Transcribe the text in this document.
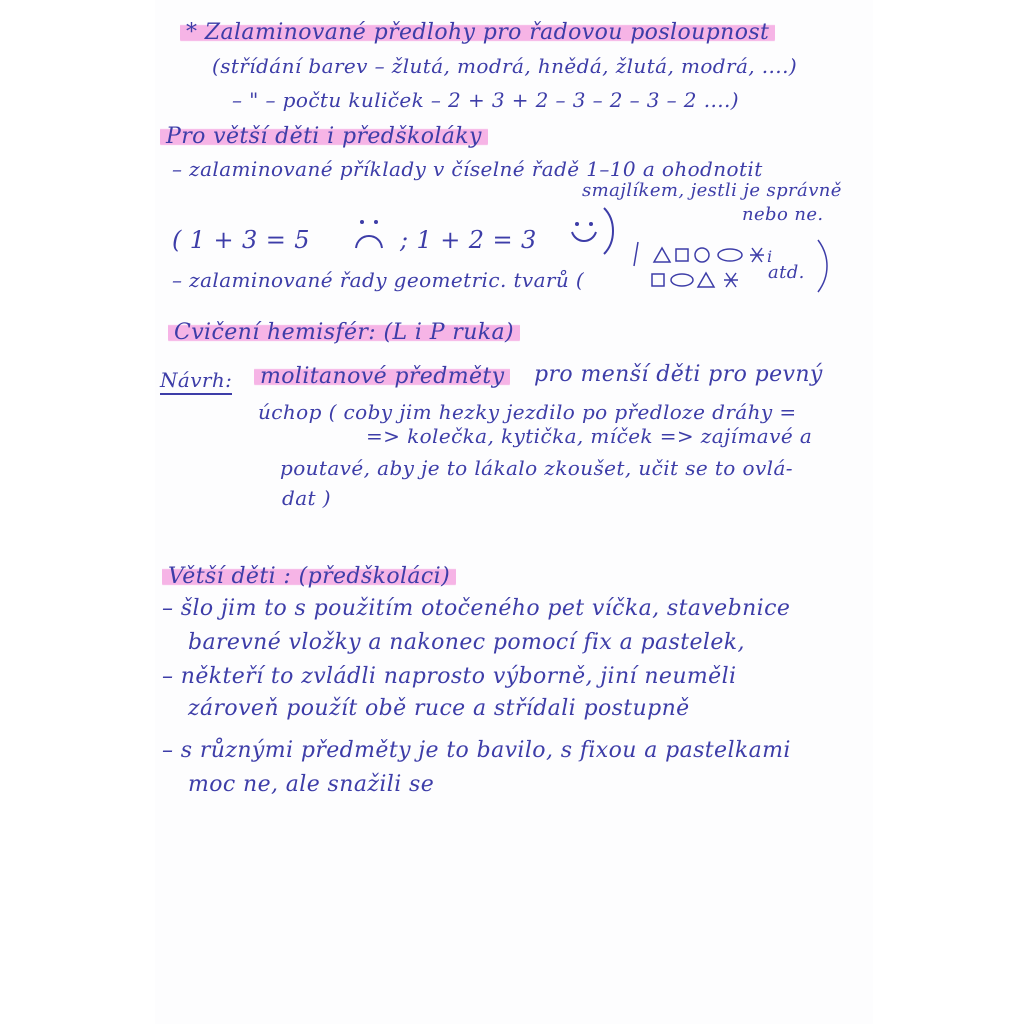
* Zalaminované předlohy pro řadovou posloupnost
(střídání barev – žlutá, modrá, hnědá, žlutá, modrá, ....)
– " – počtu kuliček – 2 + 3 + 2 – 3 – 2 – 3 – 2 ....)
Pro větší děti i předškoláky
– zalaminované příklady v číselné řadě 1–10 a ohodnotit
smajlíkem, jestli je správně
nebo ne.
( 1 + 3 = 5	; 1 + 2 = 3
– zalaminované řady geometric. tvarů (
i
atd.
Cvičení hemisfér: (L i P ruka)
Návrh: molitanové předměty pro menší děti pro pevný
úchop ( coby jim hezky jezdilo po předloze dráhy =
=> kolečka, kytička, míček => zajímavé a
poutavé, aby je to lákalo zkoušet, učit se to ovlá-
dat )
Větší děti : (předškoláci)
– šlo jim to s použitím otočeného pet víčka, stavebnice
barevné vložky a nakonec pomocí fix a pastelek,
– někteří to zvládli naprosto výborně, jiní neuměli
zároveň použít obě ruce a střídali postupně
– s různými předměty je to bavilo, s fixou a pastelkami
moc ne, ale snažili se
